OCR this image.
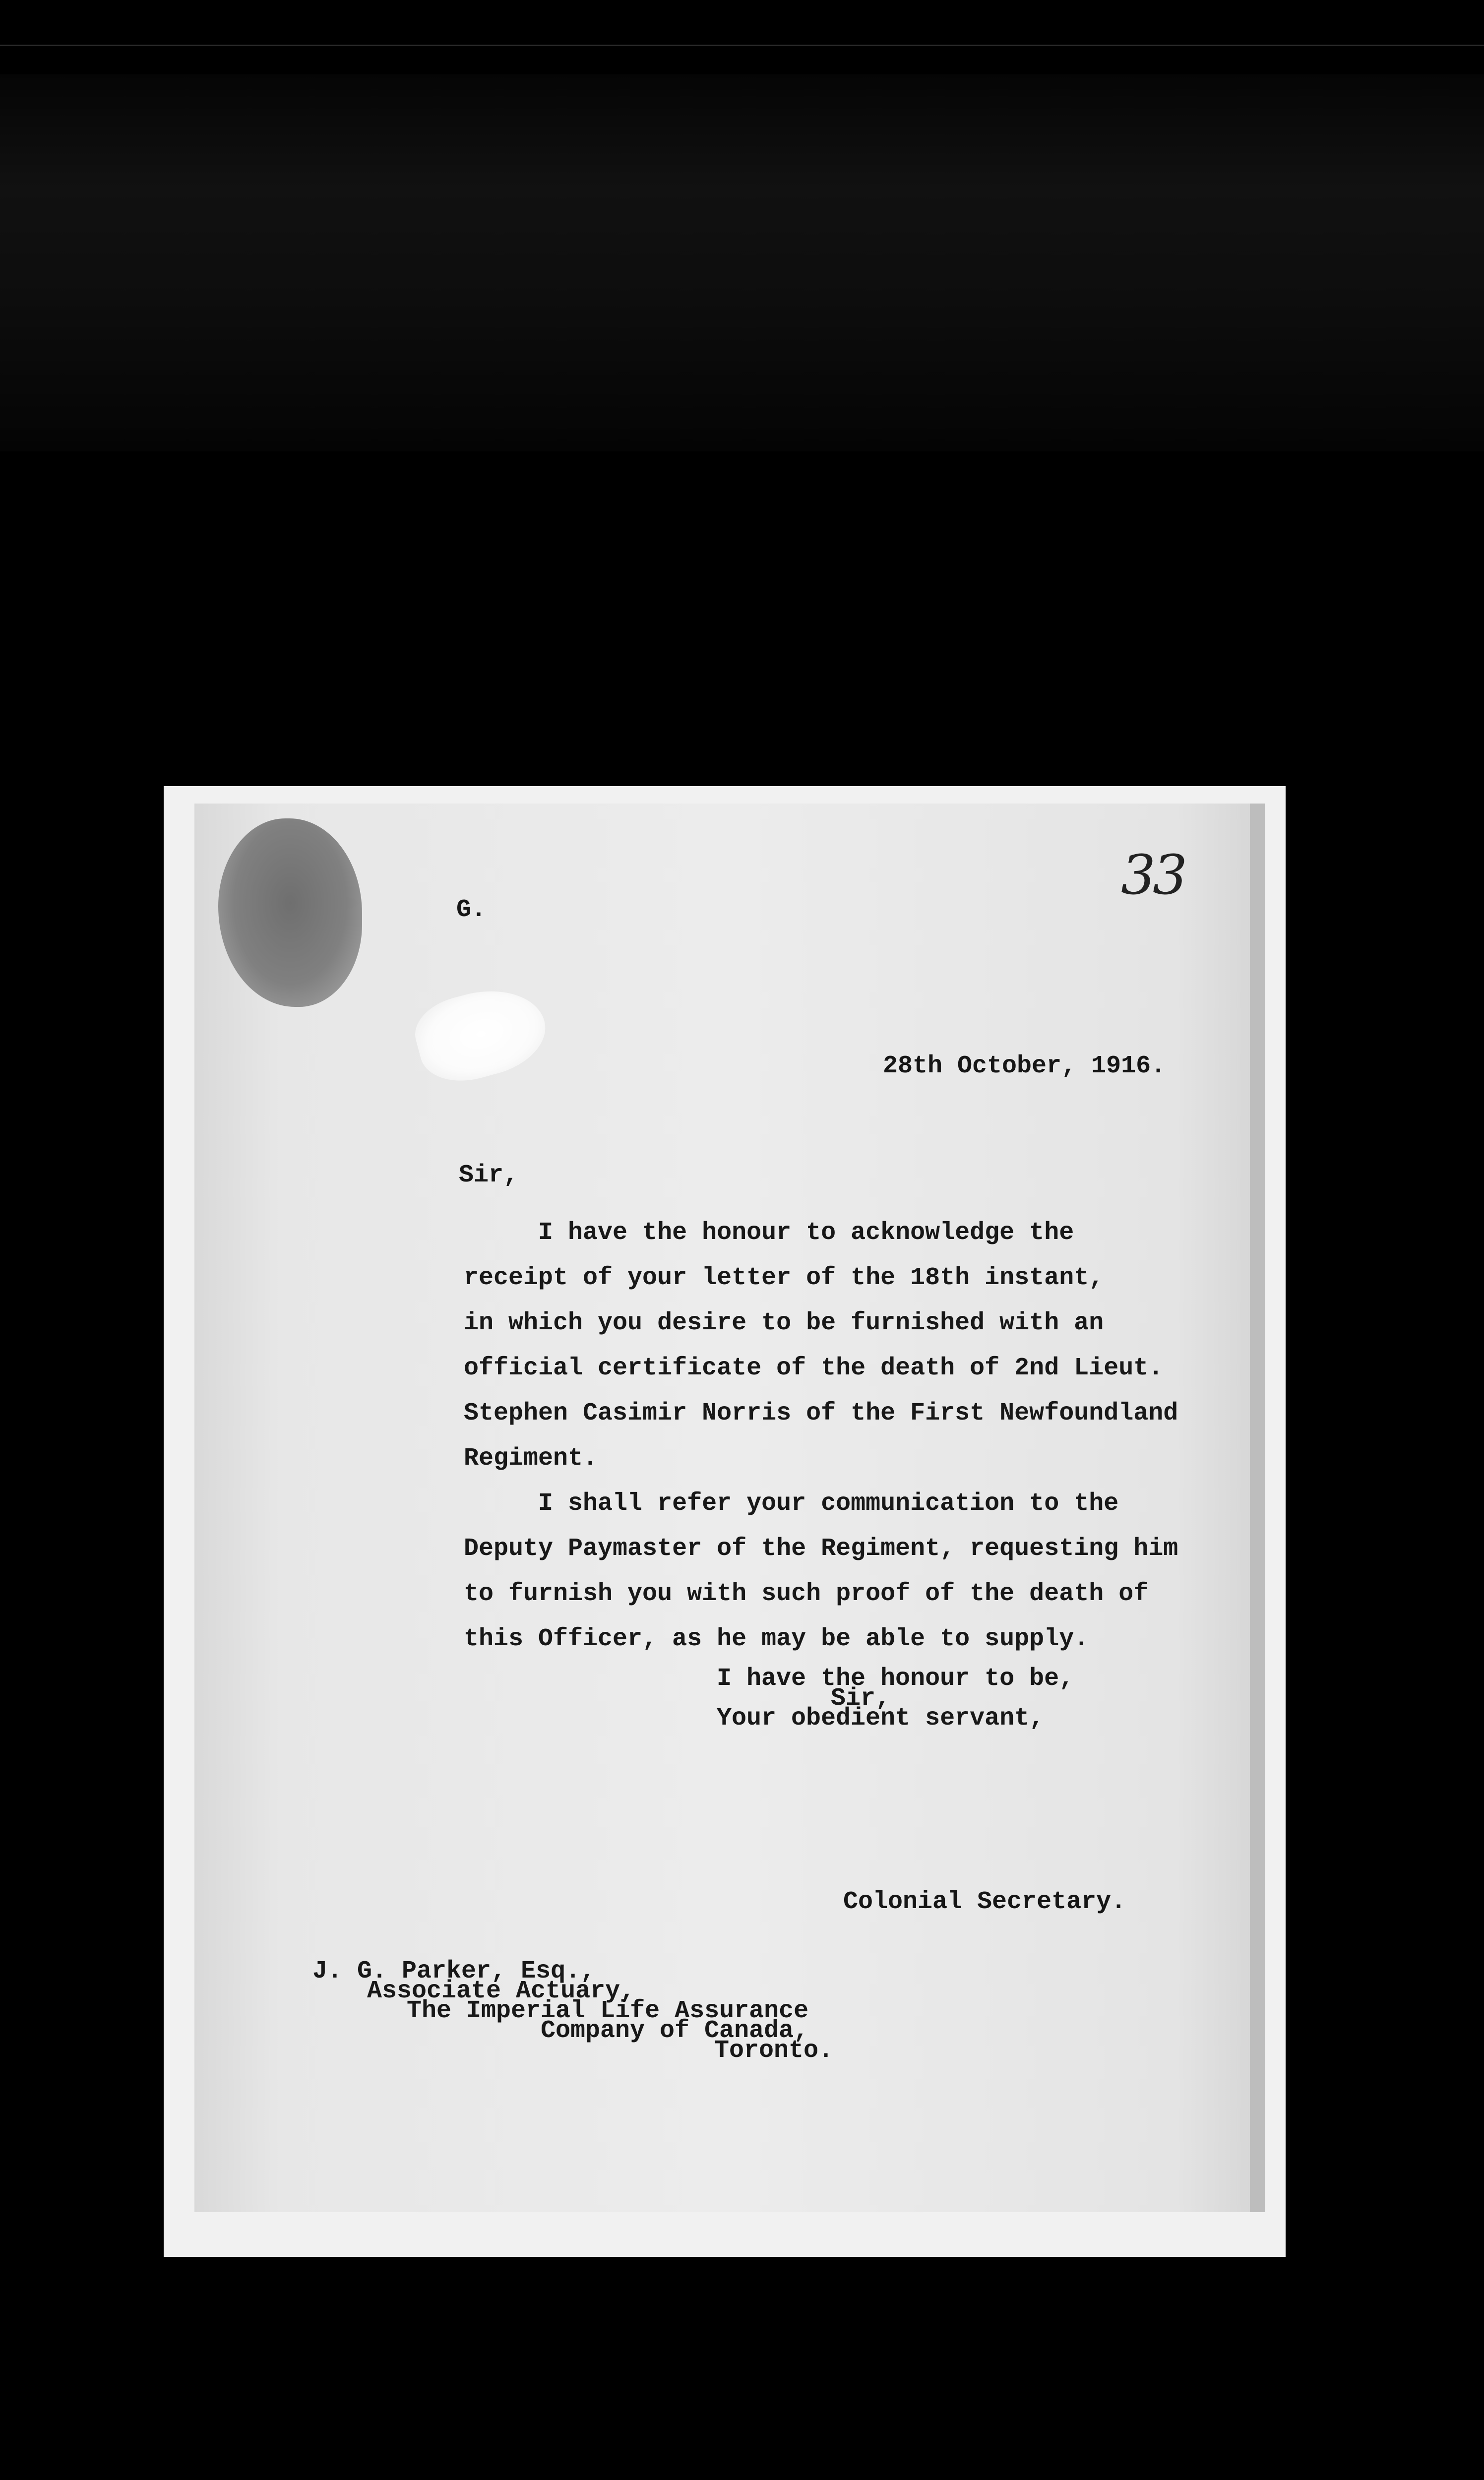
33
G.
28th October, 1916.
Sir,
I have the honour to acknowledge the
receipt of your letter of the 18th instant,
in which you desire to be furnished with an
official certificate of the death of 2nd Lieut.
Stephen Casimir Norris of the First Newfoundland
Regiment.
I shall refer your communication to the
Deputy Paymaster of the Regiment, requesting him
to furnish you with such proof of the death of
this Officer, as he may be able to supply.
I have the honour to be,
Sir,
Your obedient servant,
Colonial Secretary.
J. G. Parker, Esq.,
Associate Actuary,
The Imperial Life Assurance
Company of Canada,
Toronto.
